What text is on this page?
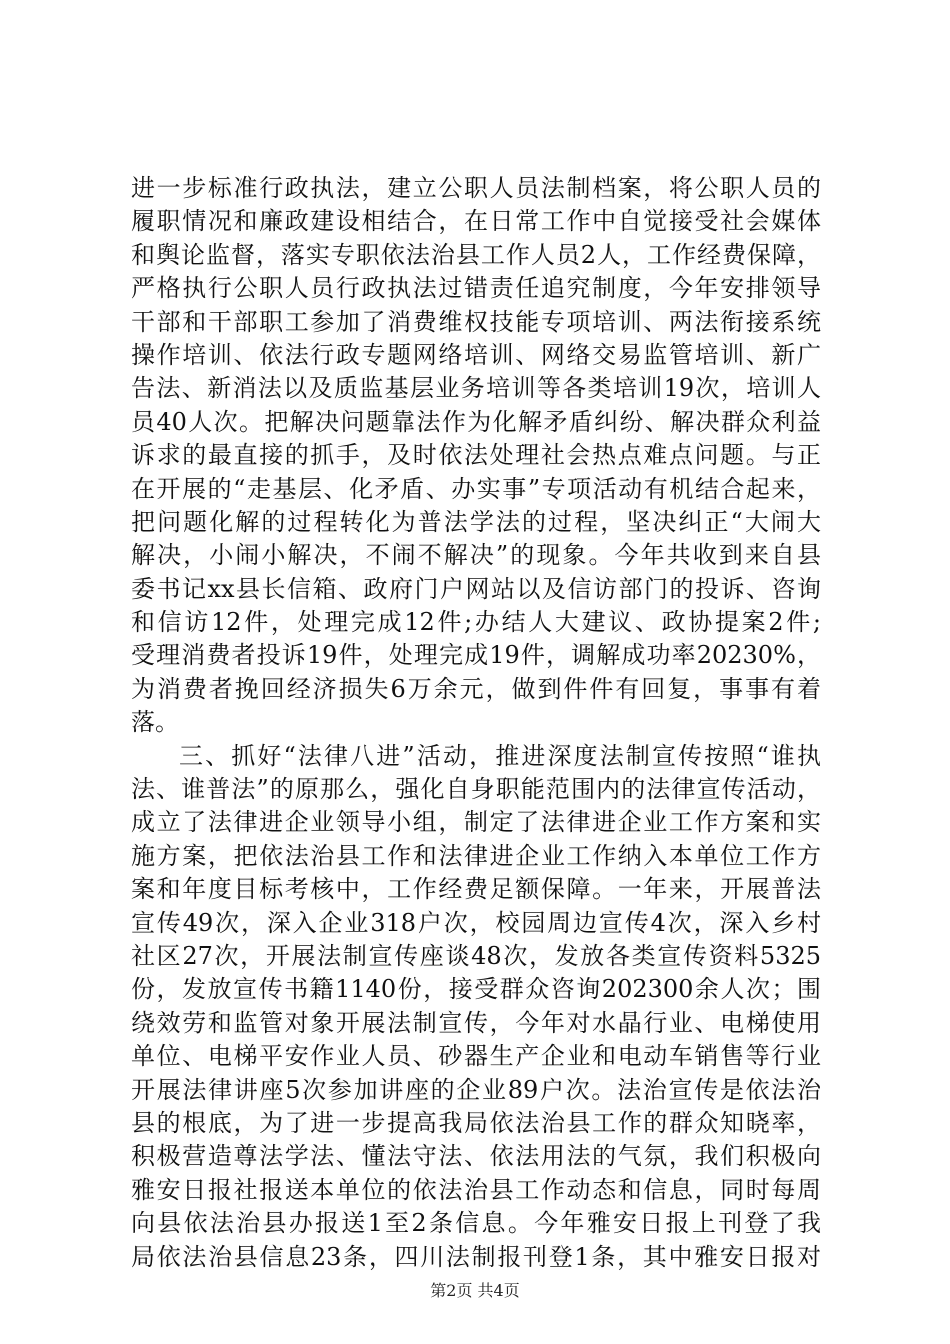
进一步标准行政执法，建立公职人员法制档案，将公职人员的
履职情况和廉政建设相结合，在日常工作中自觉接受社会媒体
和舆论监督，落实专职依法治县工作人员2人，工作经费保障，
严格执行公职人员行政执法过错责任追究制度，今年安排领导
干部和干部职工参加了消费维权技能专项培训、两法衔接系统
操作培训、依法行政专题网络培训、网络交易监管培训、新广
告法、新消法以及质监基层业务培训等各类培训19次，培训人
员40人次。把解决问题靠法作为化解矛盾纠纷、解决群众利益
诉求的最直接的抓手，及时依法处理社会热点难点问题。与正
在开展的“走基层、化矛盾、办实事”专项活动有机结合起来，
把问题化解的过程转化为普法学法的过程，坚决纠正“大闹大
解决，小闹小解决，不闹不解决”的现象。今年共收到来自县
委书记xx县长信箱、政府门户网站以及信访部门的投诉、咨询
和信访12件，处理完成12件;办结人大建议、政协提案2件;
受理消费者投诉19件，处理完成19件，调解成功率20230%，
为消费者挽回经济损失6万余元，做到件件有回复，事事有着
落。
三、抓好“法律八进”活动，推进深度法制宣传按照“谁执
法、谁普法”的原那么，强化自身职能范围内的法律宣传活动，
成立了法律进企业领导小组，制定了法律进企业工作方案和实
施方案，把依法治县工作和法律进企业工作纳入本单位工作方
案和年度目标考核中，工作经费足额保障。一年来，开展普法
宣传49次，深入企业318户次，校园周边宣传4次，深入乡村
社区27次，开展法制宣传座谈48次，发放各类宣传资料5325
份，发放宣传书籍1140份，接受群众咨询202300余人次；围
绕效劳和监管对象开展法制宣传，今年对水晶行业、电梯使用
单位、电梯平安作业人员、砂器生产企业和电动车销售等行业
开展法律讲座5次参加讲座的企业89户次。法治宣传是依法治
县的根底，为了进一步提高我局依法治县工作的群众知晓率，
积极营造尊法学法、懂法守法、依法用法的气氛，我们积极向
雅安日报社报送本单位的依法治县工作动态和信息，同时每周
向县依法治县办报送1至2条信息。今年雅安日报上刊登了我
局依法治县信息23条，四川法制报刊登1条，其中雅安日报对
第2页 共4页
